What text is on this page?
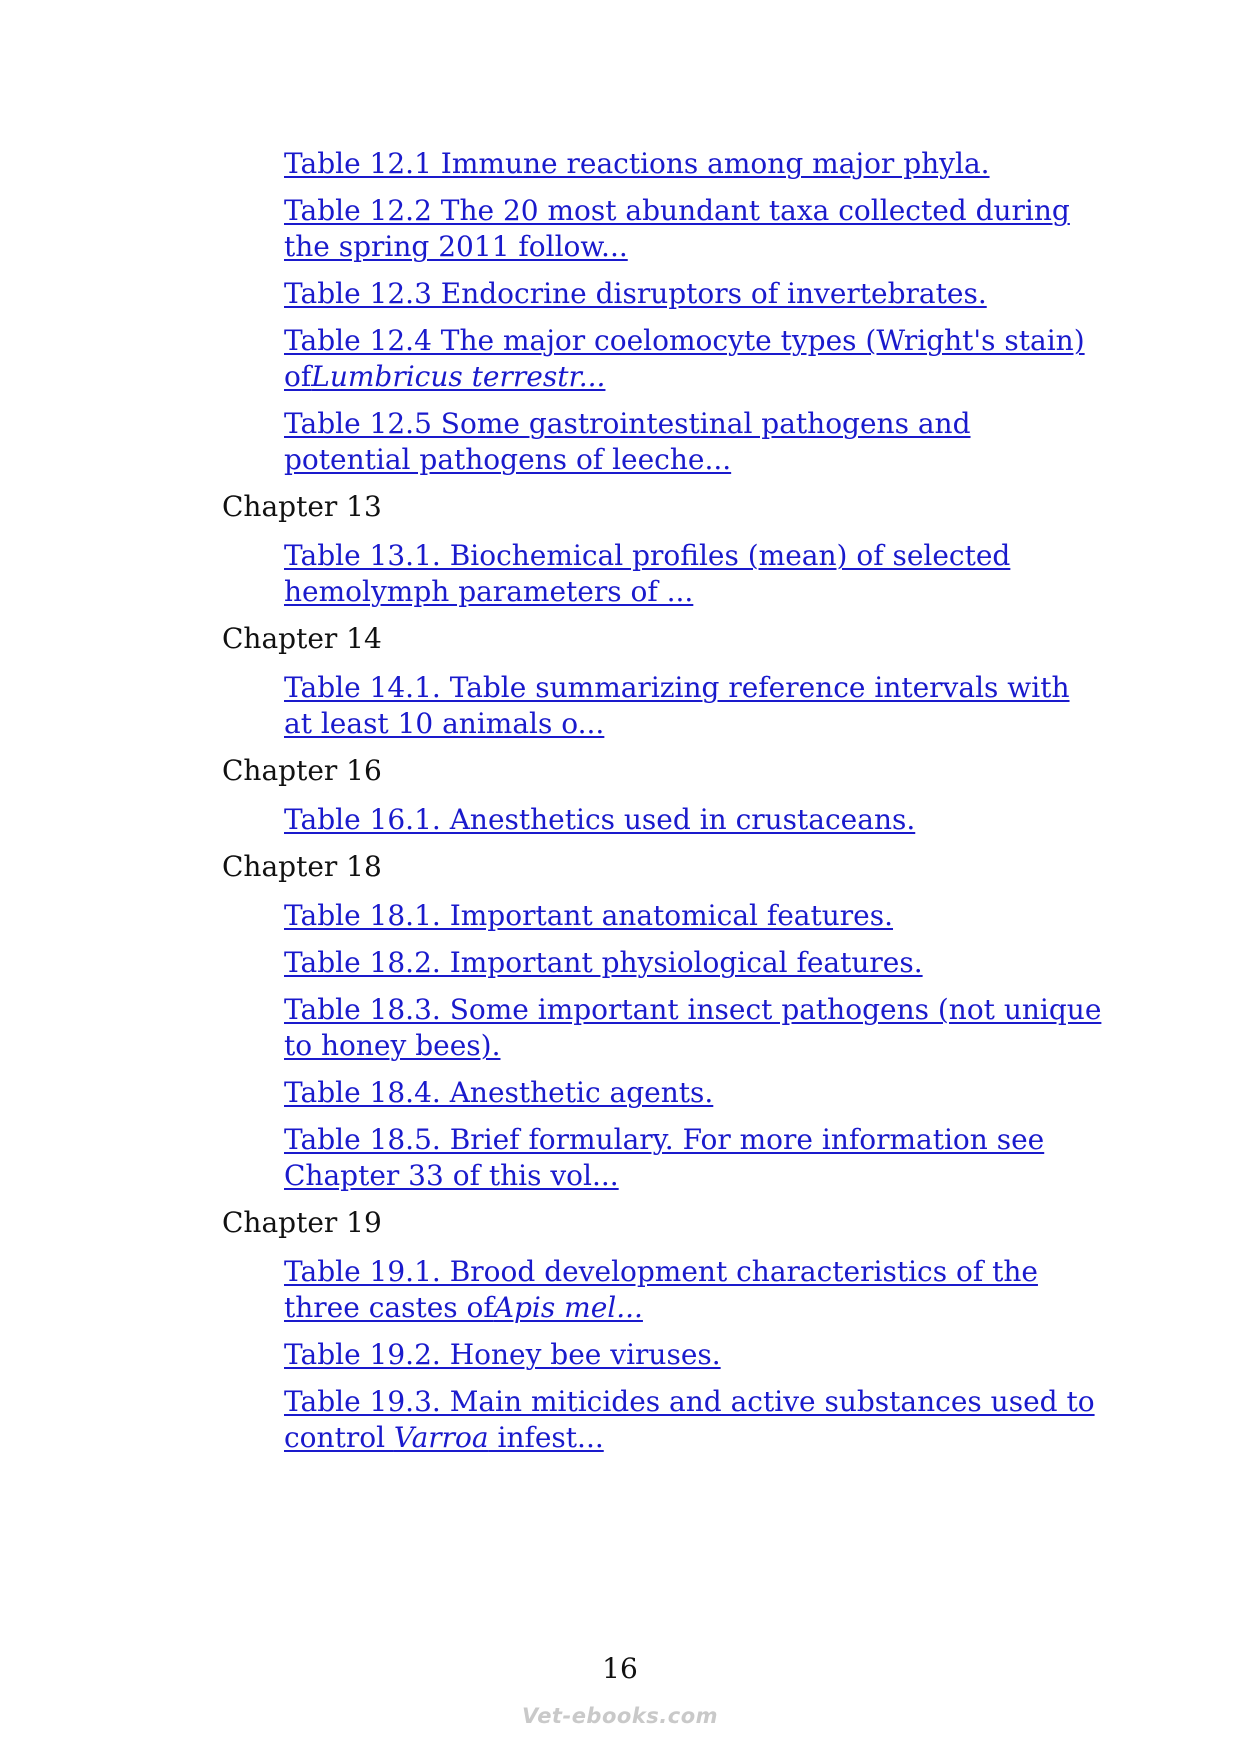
Table 12.1 Immune reactions among major phyla.
Table 12.2 The 20 most abundant taxa collected during the spring 2011 follow...
Table 12.3 Endocrine disruptors of invertebrates.
Table 12.4 The major coelomocyte types (Wright's stain) ofLumbricus terrestr...
Table 12.5 Some gastrointestinal pathogens and potential pathogens of leeche...
Chapter 13
Table 13.1. Biochemical profiles (mean) of selected hemolymph parameters of ...
Chapter 14
Table 14.1. Table summarizing reference intervals with at least 10 animals o...
Chapter 16
Table 16.1. Anesthetics used in crustaceans.
Chapter 18
Table 18.1. Important anatomical features.
Table 18.2. Important physiological features.
Table 18.3. Some important insect pathogens (not unique to honey bees).
Table 18.4. Anesthetic agents.
Table 18.5. Brief formulary. For more information see Chapter 33 of this vol...
Chapter 19
Table 19.1. Brood development characteristics of the three castes ofApis mel...
Table 19.2. Honey bee viruses.
Table 19.3. Main miticides and active substances used to control Varroa infest...
16
Vet-ebooks.com
